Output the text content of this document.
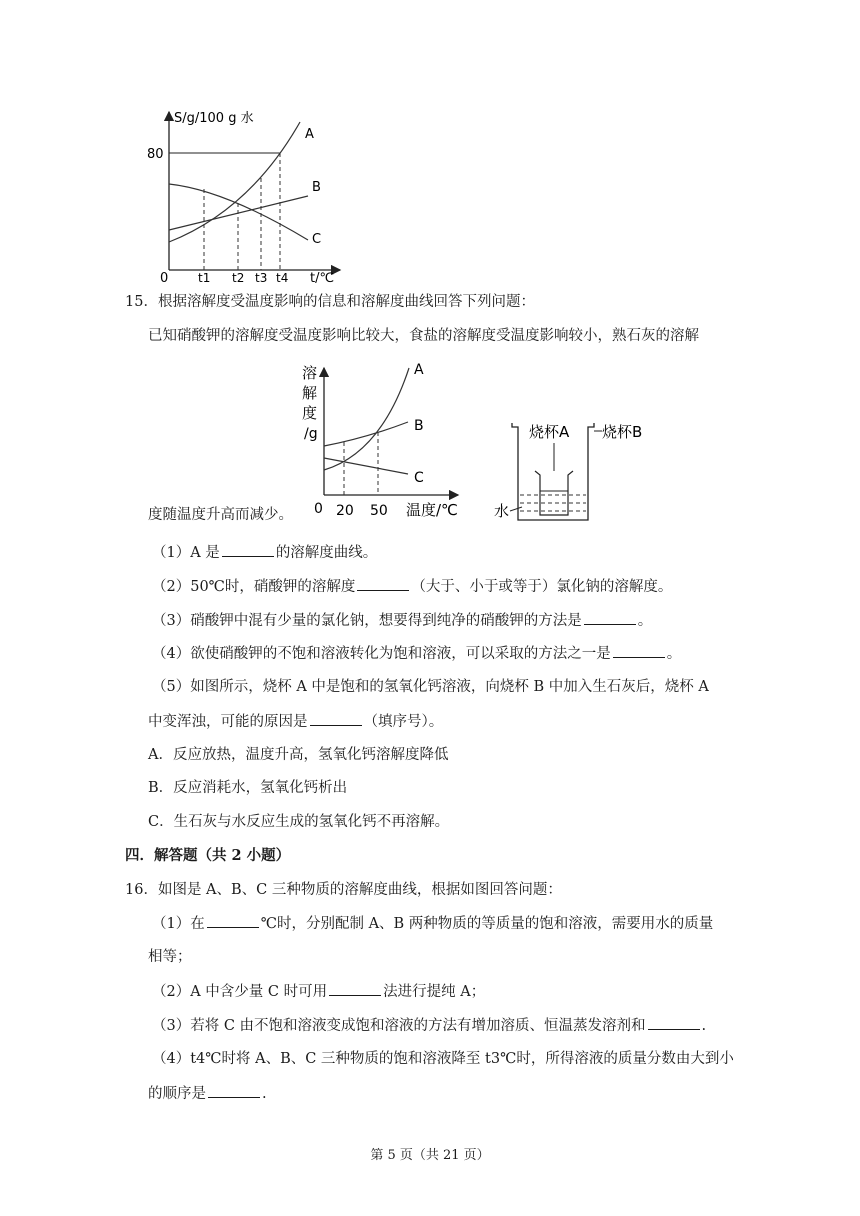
S/g/100 g 水
80
A
B
C
0 t1 t2 t3 t4 t/℃
15．根据溶解度受温度影响的信息和溶解度曲线回答下列问题：
已知硝酸钾的溶解度受温度影响比较大，食盐的溶解度受温度影响较小，熟石灰的溶解
溶
解
度
/g
A
B
C
0 20 50 温度/℃
烧杯A 烧杯B
水
度随温度升高而减少。
（1）A 是	的溶解度曲线。
（2）50℃时，硝酸钾的溶解度	（大于、小于或等于）氯化钠的溶解度。
（3）硝酸钾中混有少量的氯化钠，想要得到纯净的硝酸钾的方法是	。
（4）欲使硝酸钾的不饱和溶液转化为饱和溶液，可以采取的方法之一是	。
（5）如图所示，烧杯 A 中是饱和的氢氧化钙溶液，向烧杯 B 中加入生石灰后，烧杯 A
中变浑浊，可能的原因是	（填序号）。
A．反应放热，温度升高，氢氧化钙溶解度降低
B．反应消耗水，氢氧化钙析出
C．生石灰与水反应生成的氢氧化钙不再溶解。
四．解答题（共 2 小题）
16．如图是 A、B、C 三种物质的溶解度曲线，根据如图回答问题：
（1）在	℃时，分别配制 A、B 两种物质的等质量的饱和溶液，需要用水的质量
相等；
（2）A 中含少量 C 时可用	法进行提纯 A；
（3）若将 C 由不饱和溶液变成饱和溶液的方法有增加溶质、恒温蒸发溶剂和	.
（4）t4℃时将 A、B、C 三种物质的饱和溶液降至 t3℃时，所得溶液的质量分数由大到小
的顺序是	.
第 5 页（共 21 页）
